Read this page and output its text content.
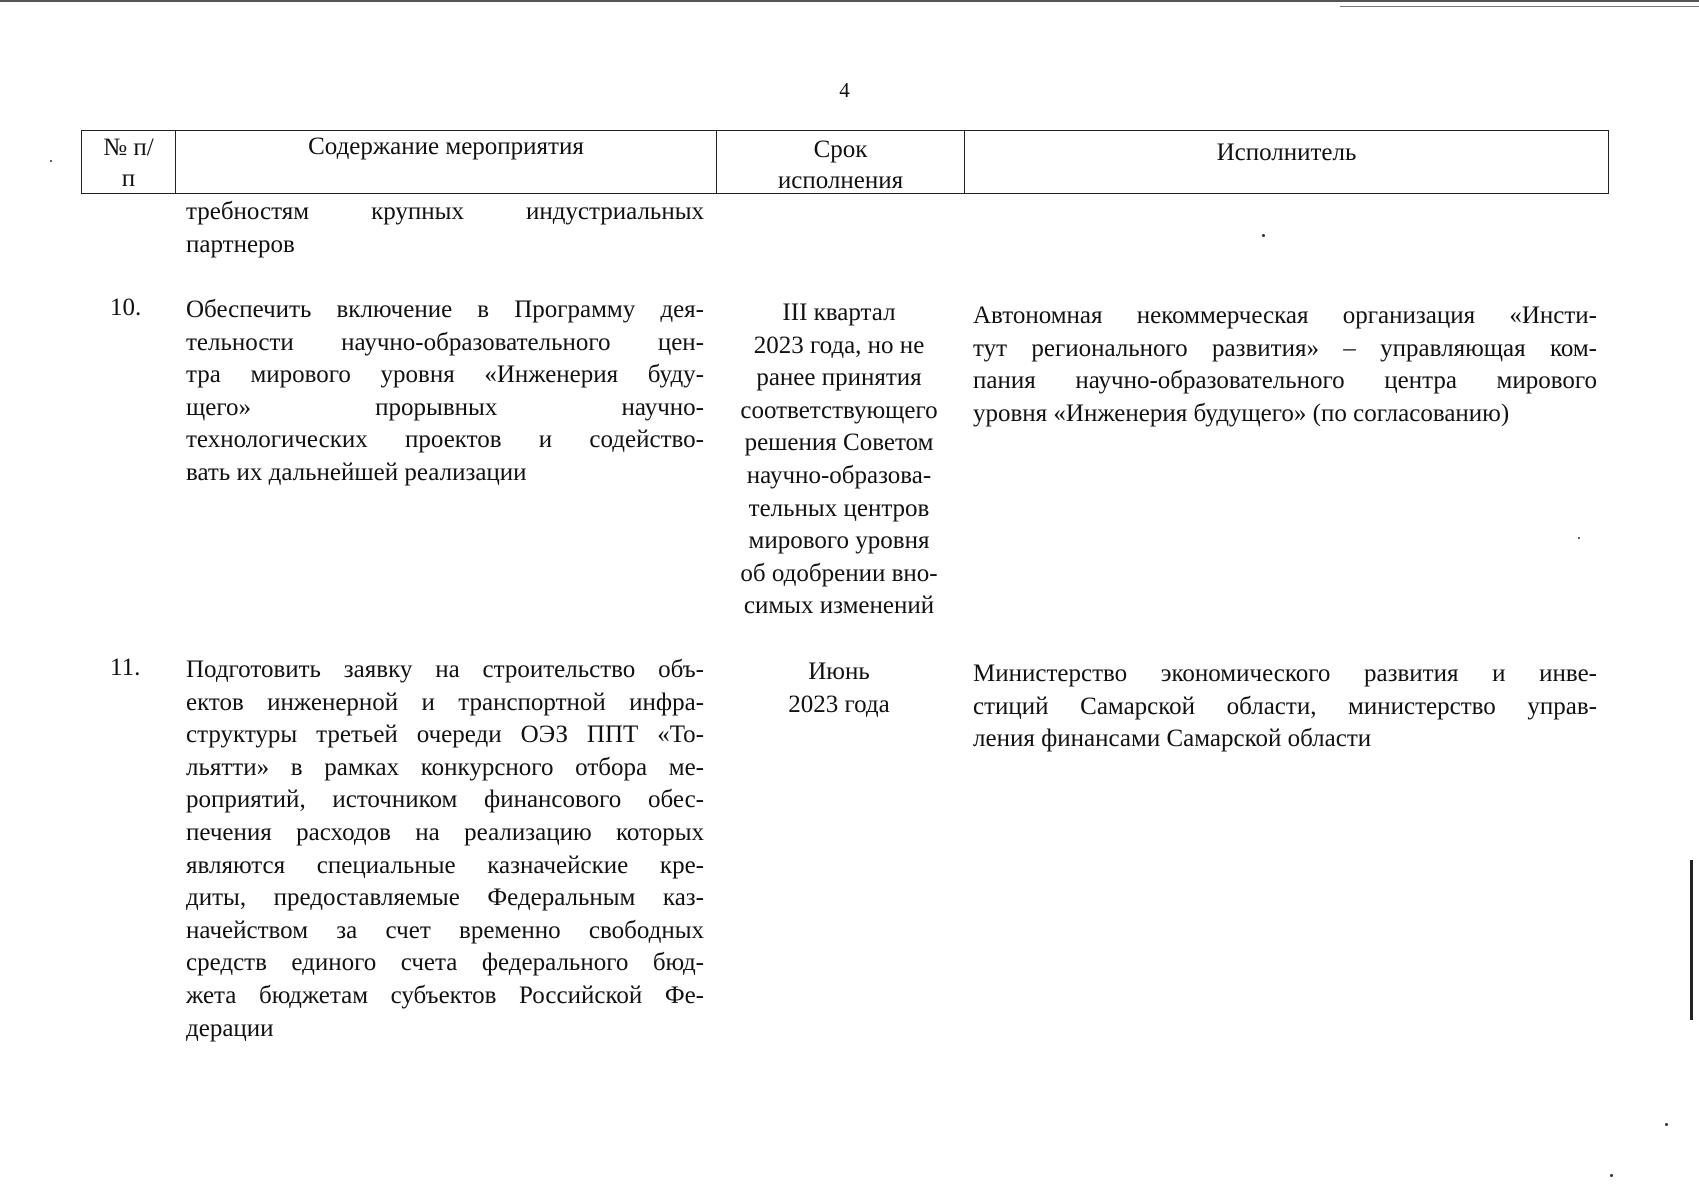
4
№ п/п
Содержание мероприятия	Срок исполнения
Исполнитель
требностям крупных индустриальных
партнеров
10. Обеспечить включение в Программу дея-
тельности научно-образовательного цен-
тра мирового уровня «Инженерия буду-
щего» прорывных научно-
технологических проектов и содейство-
вать их дальнейшей реализации
III квартал
2023 года, но не
ранее принятия
соответствующего
решения Советом
научно-образова-
тельных центров
мирового уровня
об одобрении вно-
симых изменений
Автономная некоммерческая организация «Инсти-
тут регионального развития» – управляющая ком-
пания научно-образовательного центра мирового
уровня «Инженерия будущего» (по согласованию)
11. Подготовить заявку на строительство объ-
ектов инженерной и транспортной инфра-
структуры третьей очереди ОЭЗ ППТ «То-
льятти» в рамках конкурсного отбора ме-
роприятий, источником финансового обес-
печения расходов на реализацию которых
являются специальные казначейские кре-
диты, предоставляемые Федеральным каз-
начейством за счет временно свободных
средств единого счета федерального бюд-
жета бюджетам субъектов Российской Фе-
дерации
Июнь
2023 года
Министерство экономического развития и инве-
стиций Самарской области, министерство управ-
ления финансами Самарской области
